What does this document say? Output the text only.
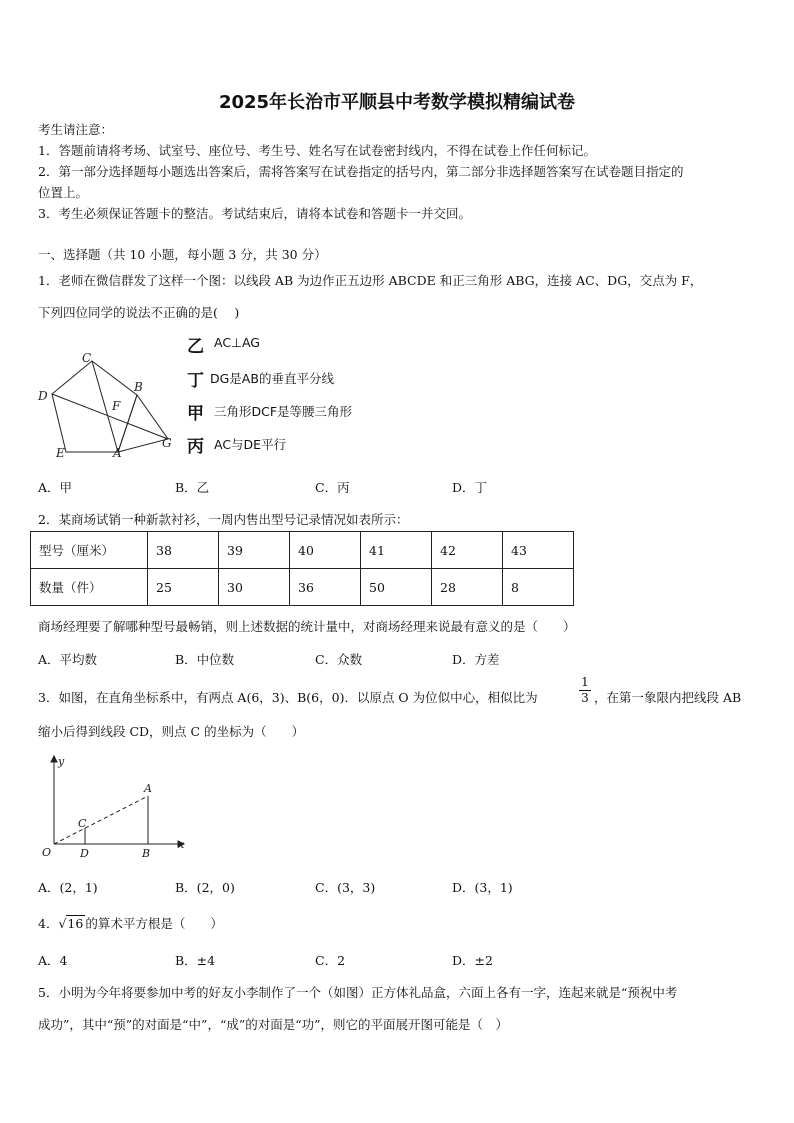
2025年长治市平顺县中考数学模拟精编试卷
考生请注意：
1．答题前请将考场、试室号、座位号、考生号、姓名写在试卷密封线内，不得在试卷上作任何标记。
2．第一部分选择题每小题选出答案后，需将答案写在试卷指定的括号内，第二部分非选择题答案写在试卷题目指定的
位置上。
3．考生必须保证答题卡的整洁。考试结束后，请将本试卷和答题卡一并交回。
一、选择题（共 10 小题，每小题 3 分，共 30 分）
1．老师在微信群发了这样一个图：以线段 AB 为边作正五边形 ABCDE 和正三角形 ABG，连接 AC、DG，交点为 F，
下列四位同学的说法不正确的是(　 )
C
B
D
F
G
E	A
乙 AC⊥AG
丁 DG是AB的垂直平分线
甲 三角形DCF是等腰三角形
丙 AC与DE平行
A．甲	B．乙	C．丙	D．丁
2．某商场试销一种新款衬衫，一周内售出型号记录情况如表所示：
型号（厘米）	38	39	40	41	42	43
数量（件）	25	30	36	50	28	8
商场经理要了解哪种型号最畅销，则上述数据的统计量中，对商场经理来说最有意义的是（　　）
A．平均数	B．中位数	C．众数	D．方差
3．如图，在直角坐标系中，有两点 A(6，3)、B(6，0)．以原点 O 为位似中心，相似比为
1
3 ，在第一象限内把线段 AB
缩小后得到线段 CD，则点 C 的坐标为（　　）
y
x
O
A
B
C
D
A．(2，1)	B．(2，0)	C．(3，3)	D．(3，1)
4．√16 的算术平方根是（　　）
A．4	B．±4	C．2	D．±2
5．小明为今年将要参加中考的好友小李制作了一个（如图）正方体礼品盒，六面上各有一字，连起来就是“预祝中考
成功”，其中“预”的对面是“中”，“成”的对面是“功”，则它的平面展开图可能是（　）
